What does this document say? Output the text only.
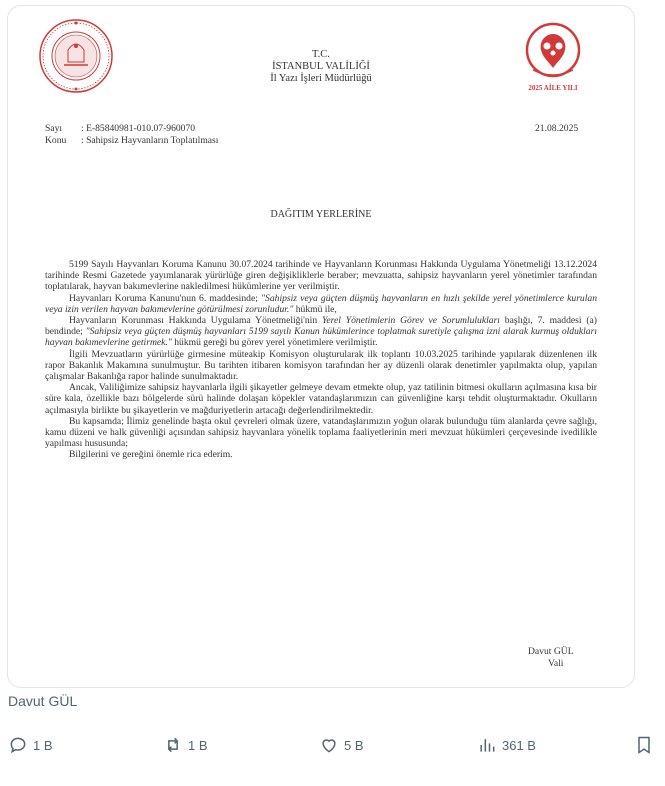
T.C.
İSTANBUL VALİLİĞİ
İl Yazı İşleri Müdürlüğü
2025 AİLE YILI
Sayı : E-85840981-010.07-960070
Konu : Sahipsiz Hayvanların Toplatılması
21.08.2025
DAĞITIM YERLERİNE

5199 Sayılı Hayvanları Koruma Kanunu 30.07.2024 tarihinde ve Hayvanların Korunması Hakkında Uygulama Yönetmeliği 13.12.2024 tarihinde Resmi Gazetede yayımlanarak yürürlüğe giren değişikliklerle beraber; mevzuatta, sahipsiz hayvanların yerel yönetimler tarafından toplatılarak, hayvan bakımevlerine nakledilmesi hükümlerine yer verilmiştir.

Hayvanları Koruma Kanunu'nun 6. maddesinde; "Sahipsiz veya güçten düşmüş hayvanların en hızlı şekilde yerel yönetimlerce kurulan veya izin verilen hayvan bakımevlerine götürülmesi zorunludur." hükmü ile,

Hayvanların Korunması Hakkında Uygulama Yönetmeliği'nin Yerel Yönetimlerin Görev ve Sorumlulukları başlığı, 7. maddesi (a) bendinde; "Sahipsiz veya güçten düşmüş hayvanları 5199 sayılı Kanun hükümlerince toplatmak suretiyle çalışma izni alarak kurmuş oldukları hayvan bakımevlerine getirmek." hükmü gereği bu görev yerel yönetimlere verilmiştir.

İlgili Mevzuatların yürürlüğe girmesine müteakip Komisyon oluşturularak ilk toplantı 10.03.2025 tarihinde yapılarak düzenlenen ilk rapor Bakanlık Makamına sunulmuştur. Bu tarihten itibaren komisyon tarafından her ay düzenli olarak denetimler yapılmakta olup, yapılan çalışmalar Bakanlığa rapor halinde sunulmaktadır.

Ancak, Valiliğimize sahipsiz hayvanlarla ilgili şikayetler gelmeye devam etmekte olup, yaz tatilinin bitmesi okulların açılmasına kısa bir süre kala, özellikle bazı bölgelerde sürü halinde dolaşan köpekler vatandaşlarımızın can güvenliğine karşı tehdit oluşturmaktadır. Okulların açılmasıyla birlikte bu şikayetlerin ve mağduriyetlerin artacağı değerlendirilmektedir.

Bu kapsamda; İlimiz genelinde başta okul çevreleri olmak üzere, vatandaşlarımızın yoğun olarak bulunduğu tüm alanlarda çevre sağlığı, kamu düzeni ve halk güvenliği açısından sahipsiz hayvanlara yönelik toplama faaliyetlerinin meri mevzuat hükümleri çerçevesinde ivedilikle yapılması hususunda;

Bilgilerini ve gereğini önemle rica ederim.

Davut GÜL
Vali
Davut GÜL
1 B	1 B	5 B	361 B
